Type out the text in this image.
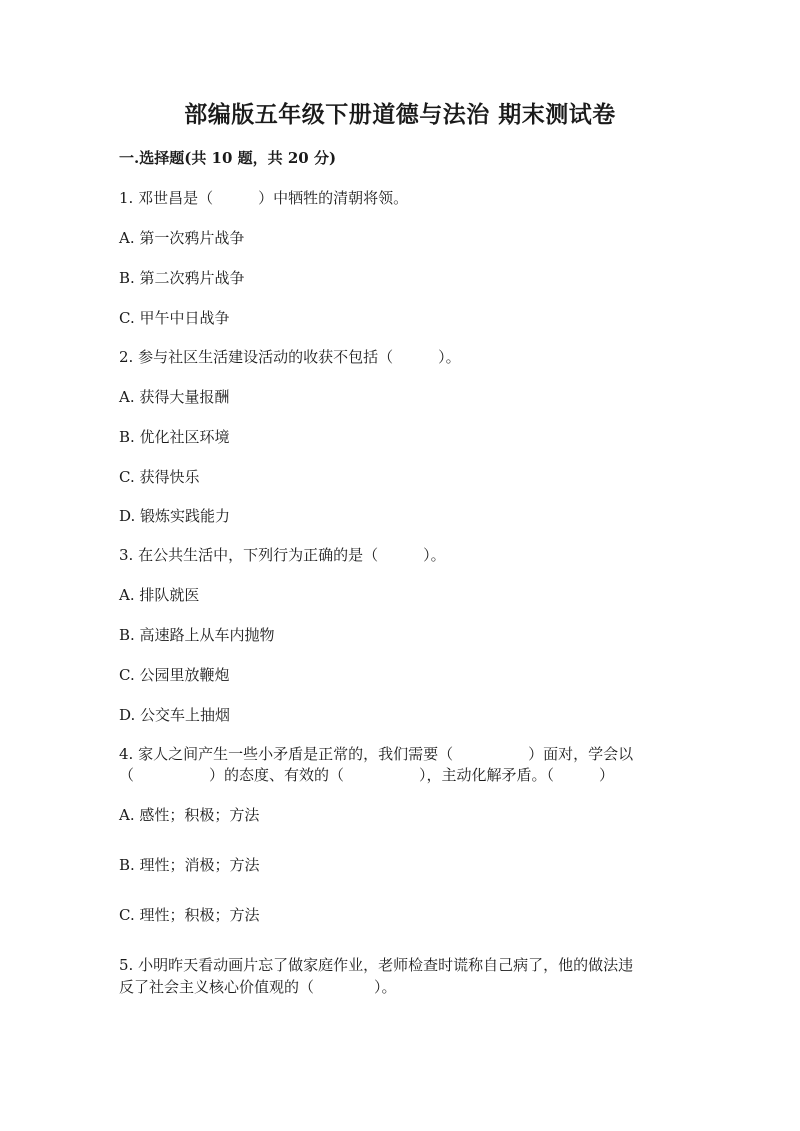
部编版五年级下册道德与法治 期末测试卷
一.选择题(共 10 题，共 20 分)
1. 邓世昌是（　　　）中牺牲的清朝将领。
A. 第一次鸦片战争
B. 第二次鸦片战争
C. 甲午中日战争
2. 参与社区生活建设活动的收获不包括（　　　）。
A. 获得大量报酬
B. 优化社区环境
C. 获得快乐
D. 锻炼实践能力
3. 在公共生活中，下列行为正确的是（　　　）。
A. 排队就医
B. 高速路上从车内抛物
C. 公园里放鞭炮
D. 公交车上抽烟
4. 家人之间产生一些小矛盾是正常的，我们需要（　　　　　）面对，学会以
（　　　　　）的态度、有效的（　　　　　），主动化解矛盾。（　　　）
A. 感性；积极；方法
B. 理性；消极；方法
C. 理性；积极；方法
5. 小明昨天看动画片忘了做家庭作业，老师检查时谎称自己病了，他的做法违
反了社会主义核心价值观的（　　　　）。
